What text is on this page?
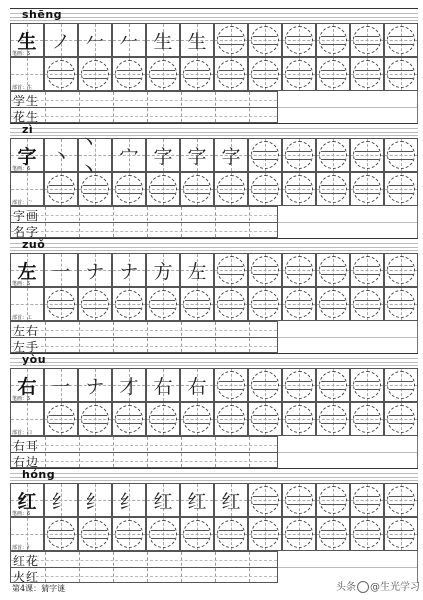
shēng
生 ノ 𠂉 𠂉 生 生
笔画：5
部首：生
学生
花生
zì
字 丶
丶丶
宀 字 字 字
笔画：6
部首：宀
字画
名字
zuǒ
左 一 ナ ナ 方 左
笔画：5
部首：工
左右
左手
yòu
右 一 ナ 才 右 右
笔画：5
部首：口
右耳
右边
hóng
红 纟 纟 纟 红 红 红
笔画：6
部首：纟
红花
火红
第4课：猜字谜	头条 @生光学习
